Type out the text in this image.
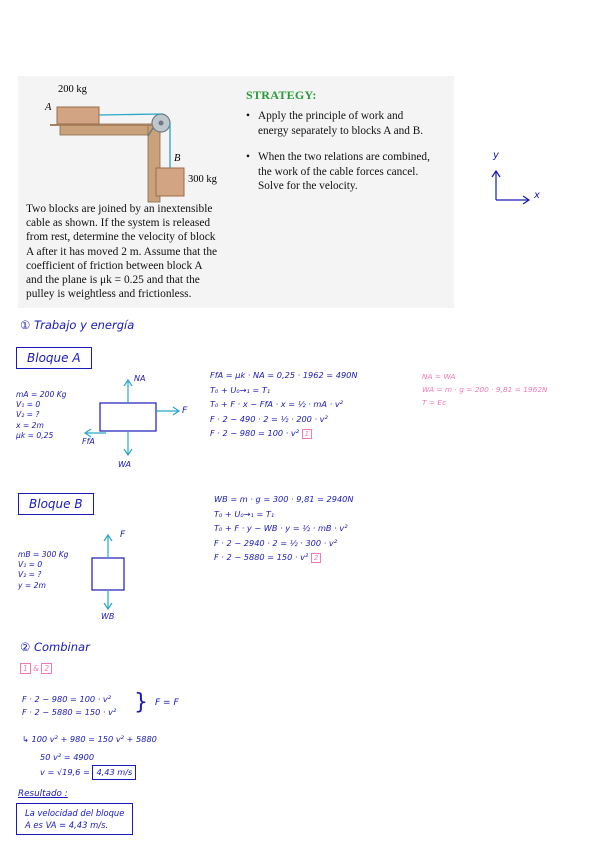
200 kg
A
B
300 kg
Two blocks are joined by an inextensible
cable as shown. If the system is released
from rest, determine the velocity of block
A after it has moved 2 m. Assume that the
coefficient of friction between block A
and the plane is μk = 0.25 and that the
pulley is weightless and frictionless.
STRATEGY:
• Apply the principle of work and
energy separately to blocks A and B.
• When the two relations are combined,
the work of the cable forces cancel.
Solve for the velocity.
y
x
① Trabajo y energía
Bloque A
mA = 200 Kg
V₁ = 0
V₂ = ?
x = 2m
μk = 0,25
NA
F
FfA
WA
FfA = μk · NA = 0,25 · 1962 = 490N
T₀ + U₀→₁ = T₁
T₀ + F · x − FfA · x = ½ · mA · v²
F · 2 − 490 · 2 = ½ · 200 · v²
F · 2 − 980 = 100 · v² 1
NA = WA
WA = m · g = 200 · 9,81 = 1962N
T = Ec
Bloque B
mB = 300 Kg
V₁ = 0
V₂ = ?
y = 2m
F
WB
WB = m · g = 300 · 9,81 = 2940N
T₀ + U₀→₁ = T₁
T₀ + F · y − WB · y = ½ · mB · v²
F · 2 − 2940 · 2 = ½ · 300 · v²
F · 2 − 5880 = 150 · v² 2
② Combinar
1 & 2
F · 2 − 980 = 100 · v²
F · 2 − 5880 = 150 · v² } F = F
↳ 100 v² + 980 = 150 v² + 5880
50 v² = 4900
v = √19,6 = 4,43 m/s
Resultado :
La velocidad del bloque
A es VA = 4,43 m/s.
